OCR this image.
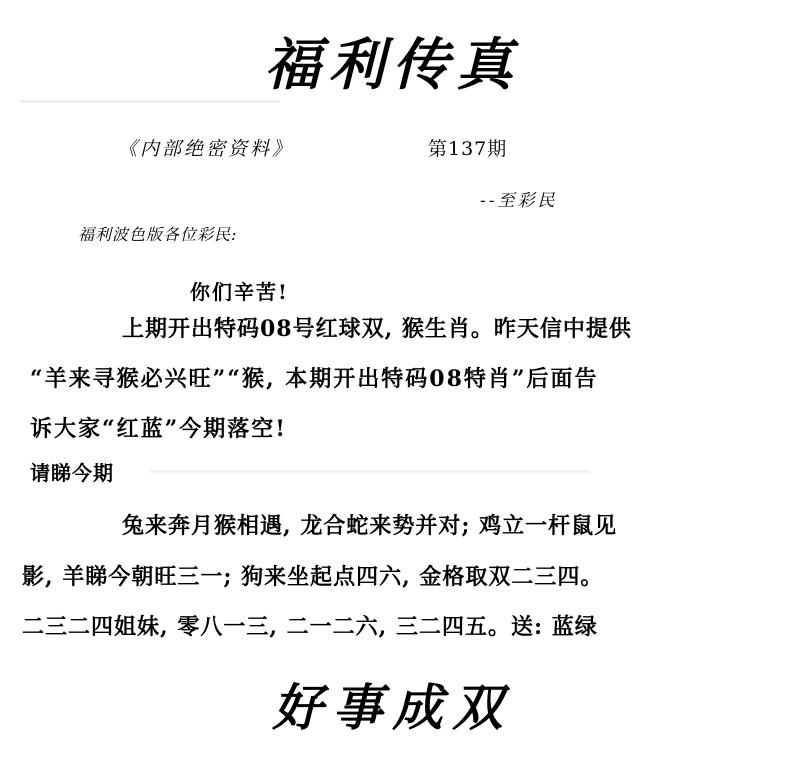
福利传真
《内部绝密资料》	第137期
--至彩民
福利波色版各位彩民:
你们辛苦!
上期开出特码08号红球双, 猴生肖。昨天信中提供
“羊来寻猴必兴旺”“猴, 本期开出特码08特肖”后面告
诉大家“红蓝”今期落空!
请睇今期
兔来奔月猴相遇, 龙合蛇来势并对; 鸡立一杆鼠见
影, 羊睇今朝旺三一; 狗来坐起点四六, 金格取双二三四。
二三二四姐妹, 零八一三, 二一二六, 三二四五。送: 蓝绿
好事成双
